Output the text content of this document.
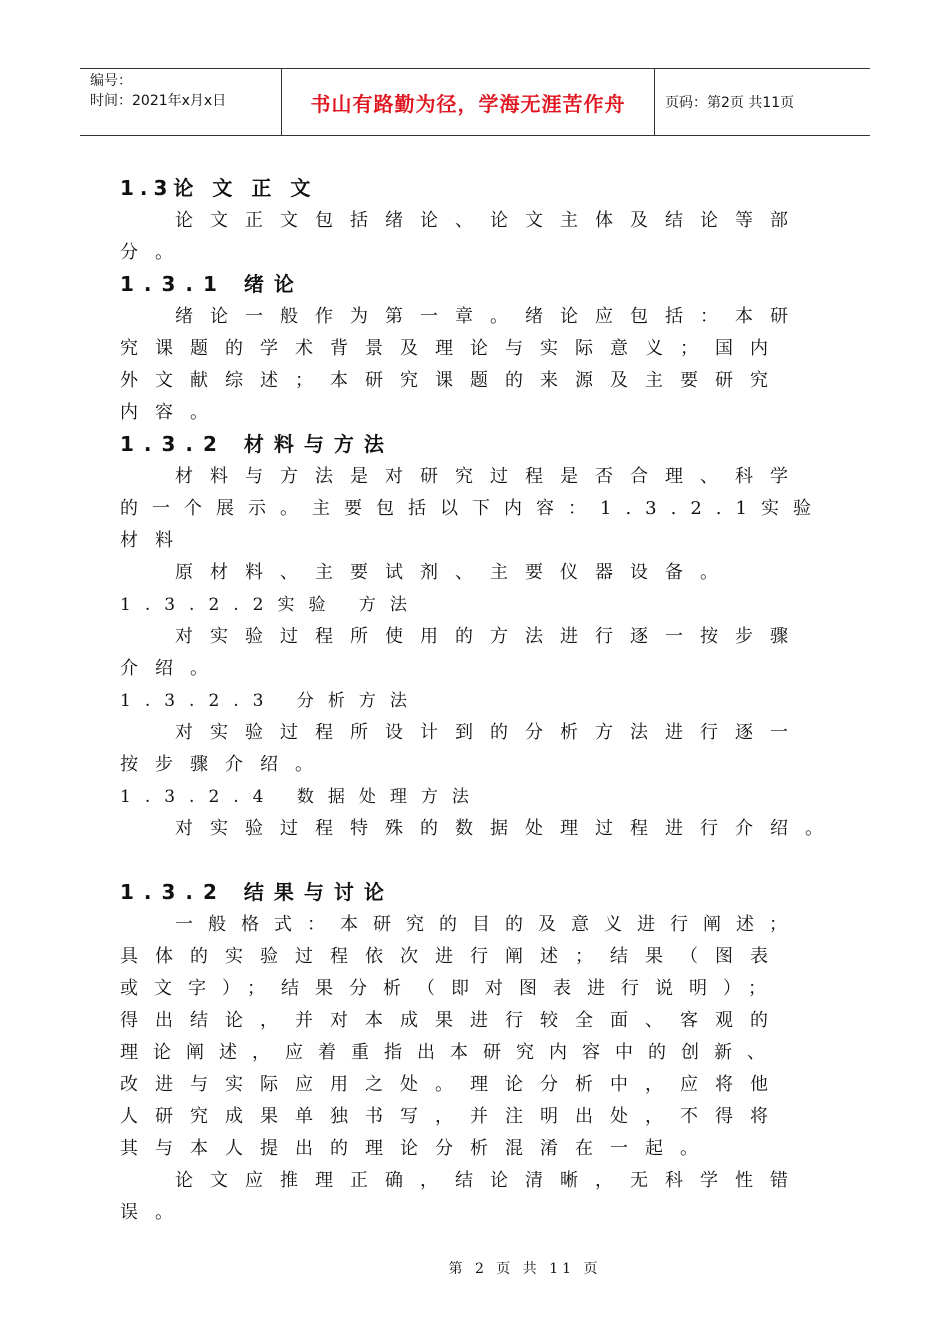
编号：
时间：2021年x月x日	书山有路勤为径，学海无涯苦作舟	页码：第2页 共11页
1.3论 文 正 文
论文正文包括绪论、论文主体及结论等部
分。
1.3.1 绪论
绪论一般作为第一章。绪论应包括：本研
究课题的学术背景及理论与实际意义；国内
外文献综述；本研究课题的来源及主要研究
内容。
1.3.2 材料与方法
材料与方法是对研究过程是否合理、科学
的一个展示。主要包括以下内容：1.3.2.1实验
材料
原材料、主要试剂、主要仪器设备。
1.3.2.2实验 方法
对实验过程所使用的方法进行逐一按步骤
介绍。
1.3.2.3 分析方法
对实验过程所设计到的分析方法进行逐一
按步骤介绍。
1.3.2.4 数据处理方法
对实验过程特殊的数据处理过程进行介绍。
1.3.2 结果与讨论
一般格式：本研究的目的及意义进行阐述；
具体的实验过程依次进行阐述；结果（图表
或文字）；结果分析（即对图表进行说明）；
得出结论，并对本成果进行较全面、客观的
理论阐述，应着重指出本研究内容中的创新、
改进与实际应用之处。理论分析中，应将他
人研究成果单独书写，并注明出处，不得将
其与本人提出的理论分析混淆在一起。
论文应推理正确，结论清晰，无科学性错
误。
第 2 页 共 11 页
